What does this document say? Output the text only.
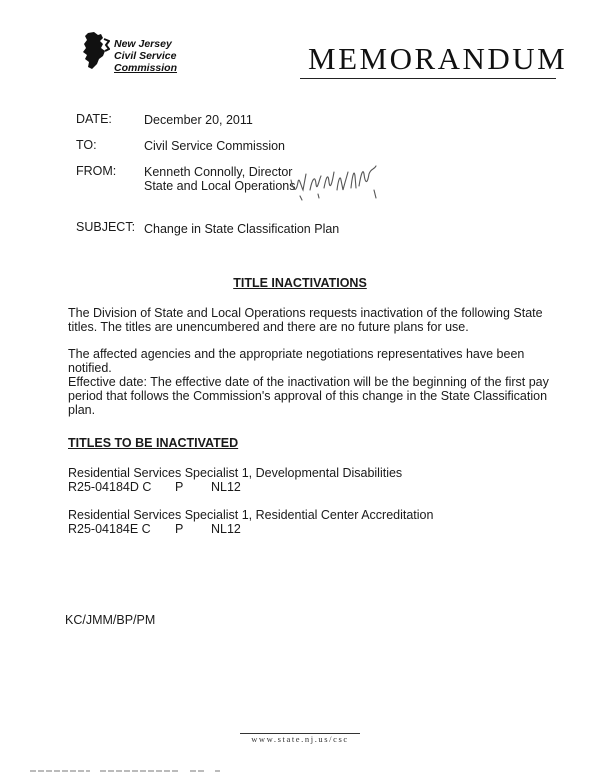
New Jersey
Civil Service
Commission	MEMORANDUM
DATE:	December 20, 2011
TO:	Civil Service Commission
FROM: Kenneth Connolly, Director
State and Local Operations
SUBJECT: Change in State Classification Plan
TITLE INACTIVATIONS
The Division of State and Local Operations requests inactivation of the following State titles. The titles are unencumbered and there are no future plans for use.
The affected agencies and the appropriate negotiations representatives have been notified.
Effective date: The effective date of the inactivation will be the beginning of the first pay period that follows the Commission's approval of this change in the State Classification plan.
TITLES TO BE INACTIVATED
Residential Services Specialist 1, Developmental Disabilities
R25-04184D C P NL12
Residential Services Specialist 1, Residential Center Accreditation
R25-04184E C P NL12
KC/JMM/BP/PM
www.state.nj.us/csc
